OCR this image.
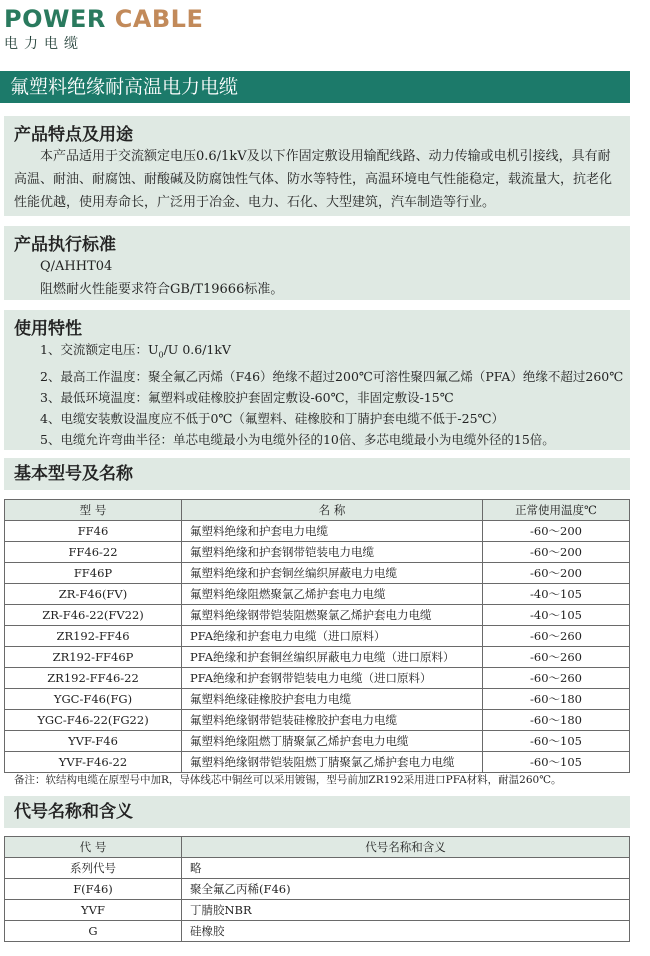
POWER CABLE
电力电缆
氟塑料绝缘耐高温电力电缆
产品特点及用途

本产品适用于交流额定电压0.6/1kV及以下作固定敷设用输配线路、动力传输或电机引接线，具有耐高温、耐油、耐腐蚀、耐酸碱及防腐蚀性气体、防水等特性，高温环境电气性能稳定，载流量大，抗老化性能优越，使用寿命长，广泛用于冶金、电力、石化、大型建筑，汽车制造等行业。

产品执行标准

Q/AHHT04

阻燃耐火性能要求符合GB/T19666标准。

使用特性
1、交流额定电压：$U_0/U$ 0.6/1kV
2、最高工作温度：聚全氟乙丙烯（F46）绝缘不超过200℃可溶性聚四氟乙烯（PFA）绝缘不超过260℃
3、最低环境温度：氟塑料或硅橡胶护套固定敷设-60℃，非固定敷设-15℃
4、电缆安装敷设温度应不低于0℃（氟塑料、硅橡胶和丁腈护套电缆不低于-25℃）
5、电缆允许弯曲半径：单芯电缆最小为电缆外径的10倍、多芯电缆最小为电缆外径的15倍。
基本型号及名称
型 号	名 称	正常使用温度℃
FF46	氟塑料绝缘和护套电力电缆	-60～200
FF46-22	氟塑料绝缘和护套钢带铠装电力电缆	-60～200
FF46P	氟塑料绝缘和护套铜丝编织屏蔽电力电缆	-60～200
ZR-F46(FV)	氟塑料绝缘阻燃聚氯乙烯护套电力电缆	-40～105
ZR-F46-22(FV22)	氟塑料绝缘钢带铠装阻燃聚氯乙烯护套电力电缆	-40～105
ZR192-FF46	PFA绝缘和护套电力电缆（进口原料）	-60～260
ZR192-FF46P	PFA绝缘和护套铜丝编织屏蔽电力电缆（进口原料）	-60～260
ZR192-FF46-22	PFA绝缘和护套钢带铠装电力电缆（进口原料）	-60～260
YGC-F46(FG)	氟塑料绝缘硅橡胶护套电力电缆	-60～180
YGC-F46-22(FG22)	氟塑料绝缘钢带铠装硅橡胶护套电力电缆	-60～180
YVF-F46	氟塑料绝缘阻燃丁腈聚氯乙烯护套电力电缆	-60～105
YVF-F46-22	氟塑料绝缘钢带铠装阻燃丁腈聚氯乙烯护套电力电缆	-60～105
备注：软结构电缆在原型号中加R，导体线芯中铜丝可以采用镀锡，型号前加ZR192采用进口PFA材料，耐温260℃。
代号名称和含义
代 号	代号名称和含义
系列代号	略
F(F46)	聚全氟乙丙稀(F46)
YVF	丁腈胶NBR
G	硅橡胶
